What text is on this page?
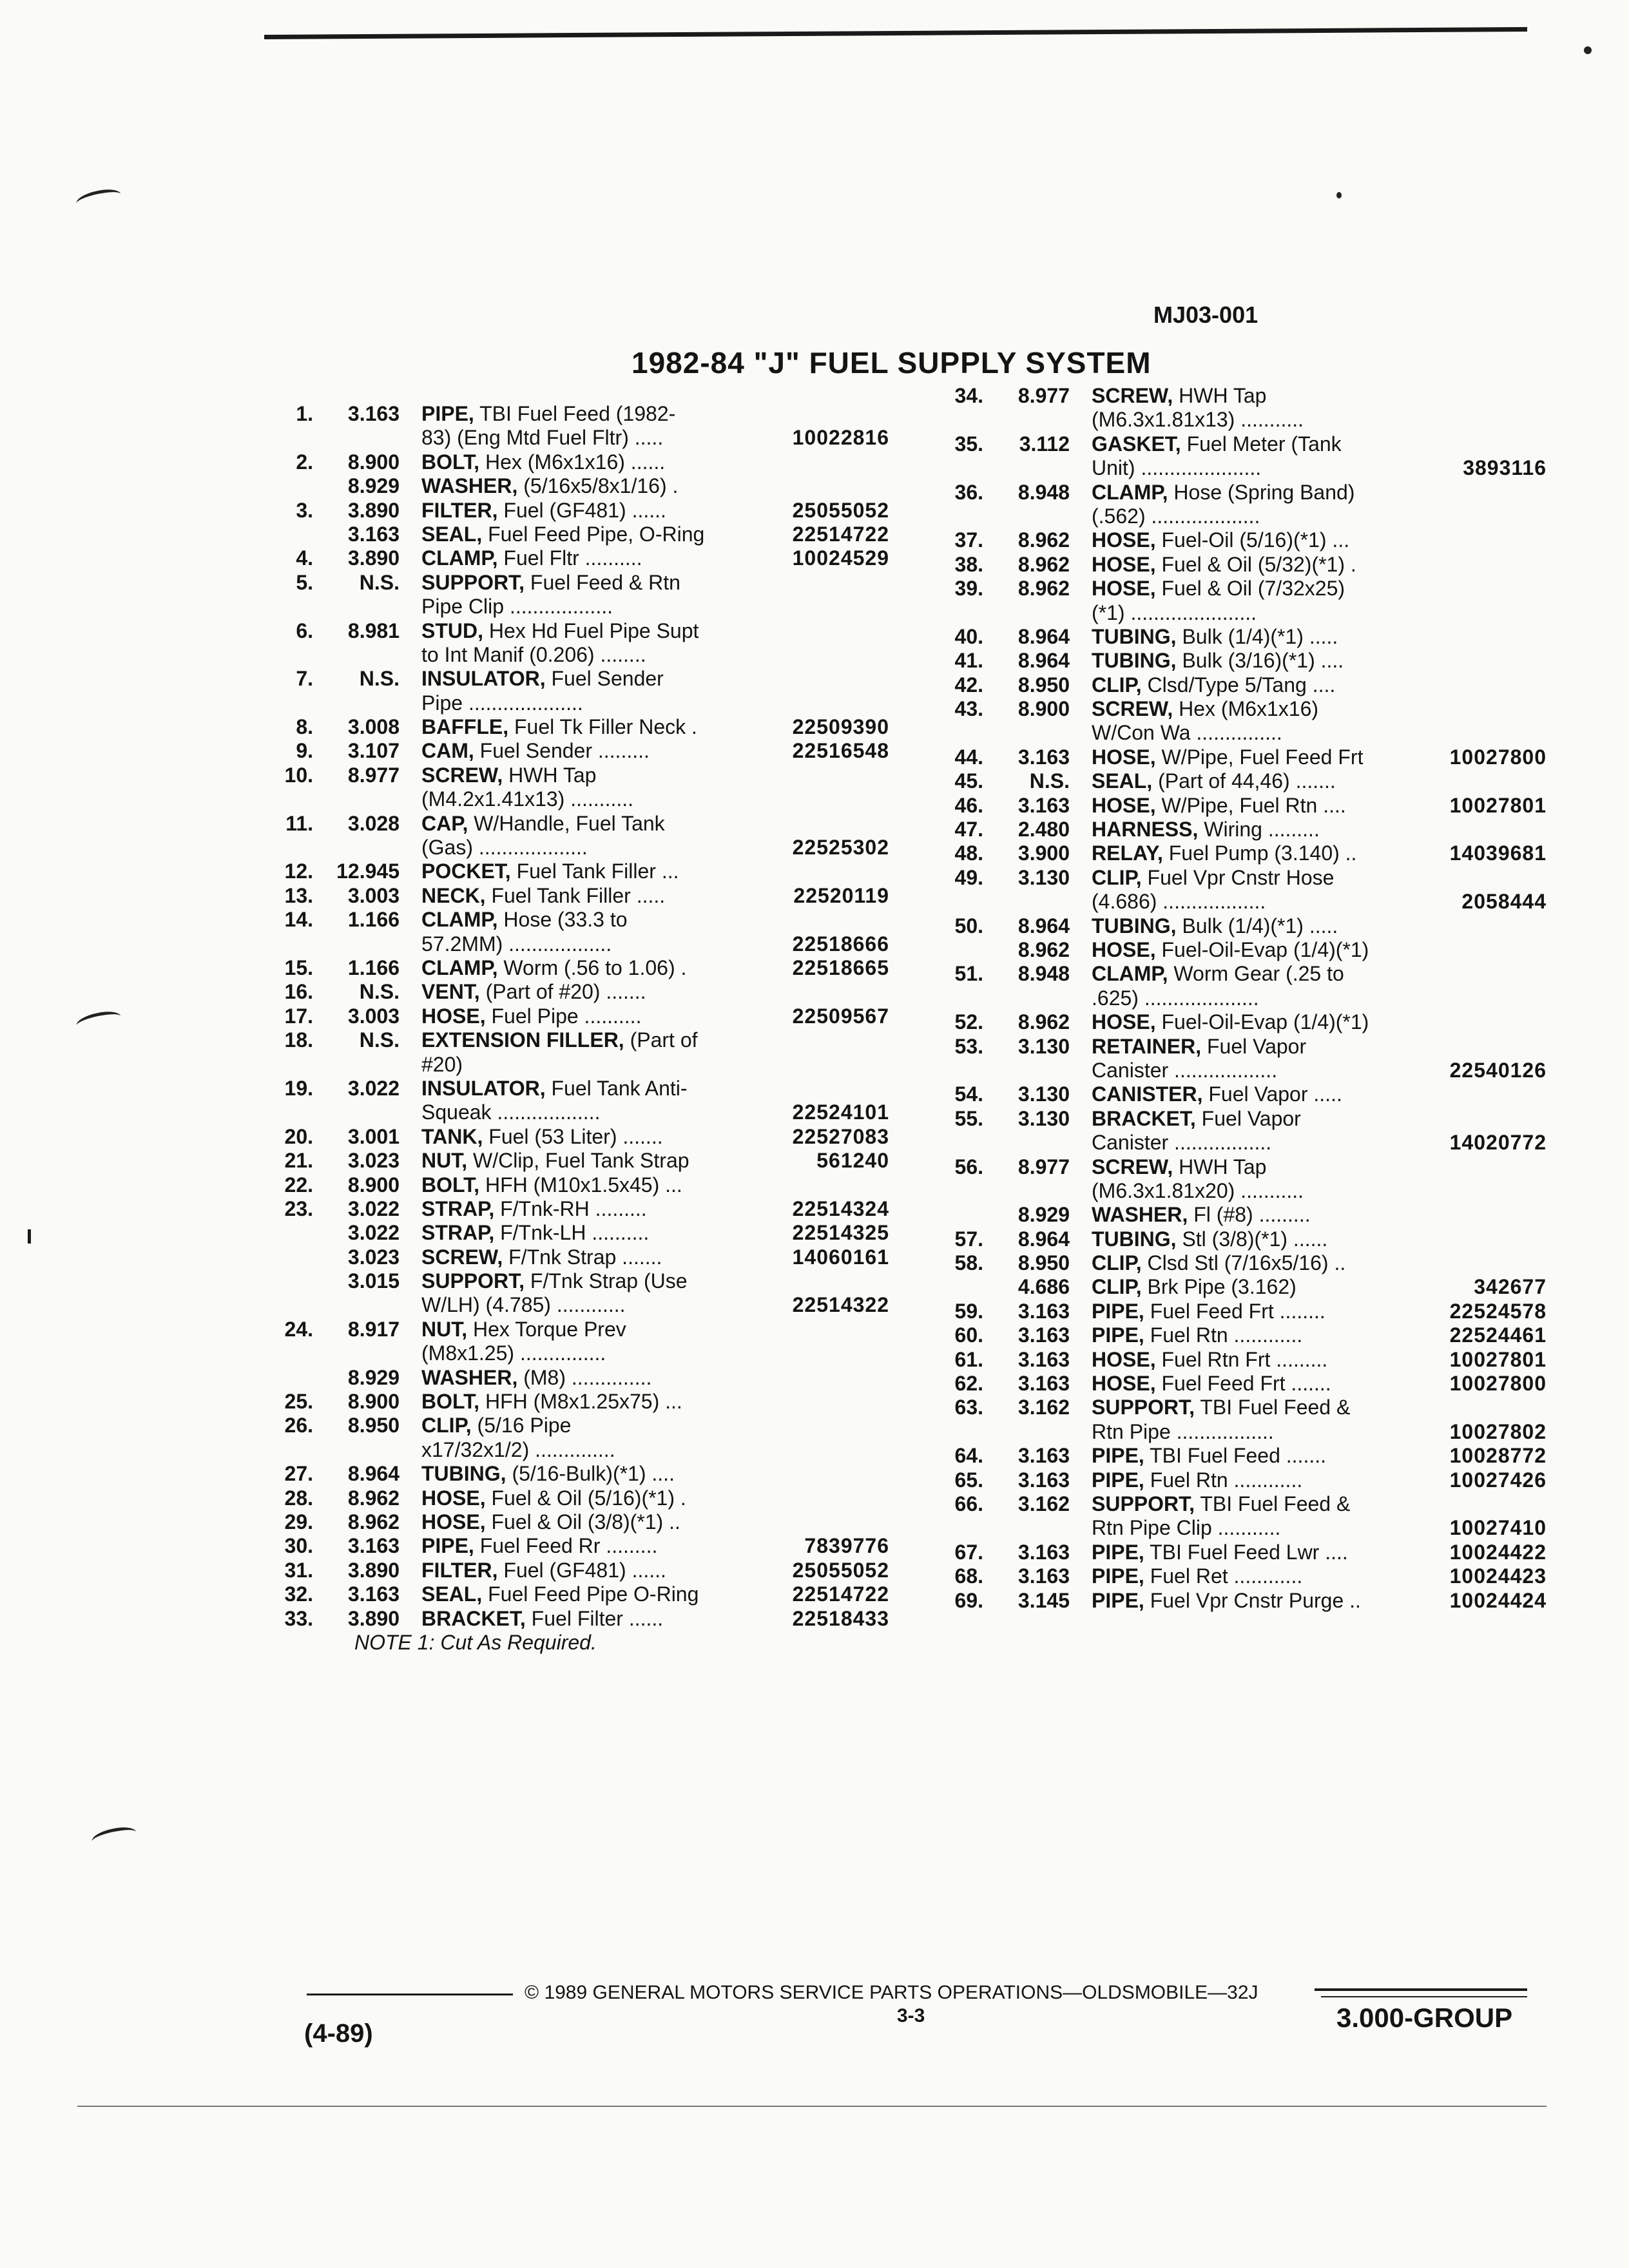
MJ03-001
1982-84 "J" FUEL SUPPLY SYSTEM
1.	3.163 PIPE, TBI Fuel Feed (1982-
83) (Eng Mtd Fuel Fltr) .....	10022816
2.	8.900 BOLT, Hex (M6x1x16) ......
8.929 WASHER, (5/16x5/8x1/16) .
3.	3.890 FILTER, Fuel (GF481) ......	25055052
3.163 SEAL, Fuel Feed Pipe, O-Ring	22514722
4.	3.890 CLAMP, Fuel Fltr ..........	10024529
5.	N.S. SUPPORT, Fuel Feed & Rtn
Pipe Clip ..................
6.	8.981 STUD, Hex Hd Fuel Pipe Supt
to Int Manif (0.206) ........
7.	N.S. INSULATOR, Fuel Sender
Pipe ....................
8.	3.008 BAFFLE, Fuel Tk Filler Neck .	22509390
9.	3.107 CAM, Fuel Sender .........	22516548
10.	8.977 SCREW, HWH Tap
(M4.2x1.41x13) ...........
11.	3.028 CAP, W/Handle, Fuel Tank
(Gas) ...................	22525302
12.	12.945 POCKET, Fuel Tank Filler ...
13.	3.003 NECK, Fuel Tank Filler .....	22520119
14.	1.166 CLAMP, Hose (33.3 to
57.2MM) ..................	22518666
15.	1.166 CLAMP, Worm (.56 to 1.06) .	22518665
16.	N.S. VENT, (Part of #20) .......
17.	3.003 HOSE, Fuel Pipe ..........	22509567
18.	N.S. EXTENSION FILLER, (Part of
#20)
19.	3.022 INSULATOR, Fuel Tank Anti-
Squeak ..................	22524101
20.	3.001 TANK, Fuel (53 Liter) .......	22527083
21.	3.023 NUT, W/Clip, Fuel Tank Strap	561240
22.	8.900 BOLT, HFH (M10x1.5x45) ...
23.	3.022 STRAP, F/Tnk-RH .........	22514324
3.022 STRAP, F/Tnk-LH ..........	22514325
3.023 SCREW, F/Tnk Strap .......	14060161
3.015 SUPPORT, F/Tnk Strap (Use
W/LH) (4.785) ............	22514322
24.	8.917 NUT, Hex Torque Prev
(M8x1.25) ...............
8.929 WASHER, (M8) ..............
25.	8.900 BOLT, HFH (M8x1.25x75) ...
26.	8.950 CLIP, (5/16 Pipe
x17/32x1/2) ..............
27.	8.964 TUBING, (5/16-Bulk)(*1) ....
28.	8.962 HOSE, Fuel & Oil (5/16)(*1) .
29.	8.962 HOSE, Fuel & Oil (3/8)(*1) ..
30.	3.163 PIPE, Fuel Feed Rr .........	7839776
31.	3.890 FILTER, Fuel (GF481) ......	25055052
32.	3.163 SEAL, Fuel Feed Pipe O-Ring	22514722
33.	3.890 BRACKET, Fuel Filter ......	22518433
NOTE 1: Cut As Required.
34.	8.977 SCREW, HWH Tap
(M6.3x1.81x13) ...........
35.	3.112 GASKET, Fuel Meter (Tank
Unit) .....................	3893116
36.	8.948 CLAMP, Hose (Spring Band)
(.562) ...................
37.	8.962 HOSE, Fuel-Oil (5/16)(*1) ...
38.	8.962 HOSE, Fuel & Oil (5/32)(*1) .
39.	8.962 HOSE, Fuel & Oil (7/32x25)
(*1) ......................
40.	8.964 TUBING, Bulk (1/4)(*1) .....
41.	8.964 TUBING, Bulk (3/16)(*1) ....
42.	8.950 CLIP, Clsd/Type 5/Tang ....
43.	8.900 SCREW, Hex (M6x1x16)
W/Con Wa ...............
44.	3.163 HOSE, W/Pipe, Fuel Feed Frt	10027800
45.	N.S. SEAL, (Part of 44,46) .......
46.	3.163 HOSE, W/Pipe, Fuel Rtn ....	10027801
47.	2.480 HARNESS, Wiring .........
48.	3.900 RELAY, Fuel Pump (3.140) ..	14039681
49.	3.130 CLIP, Fuel Vpr Cnstr Hose
(4.686) ..................	2058444
50.	8.964 TUBING, Bulk (1/4)(*1) .....
8.962 HOSE, Fuel-Oil-Evap (1/4)(*1)
51.	8.948 CLAMP, Worm Gear (.25 to
.625) ....................
52.	8.962 HOSE, Fuel-Oil-Evap (1/4)(*1)
53.	3.130 RETAINER, Fuel Vapor
Canister ..................	22540126
54.	3.130 CANISTER, Fuel Vapor .....
55.	3.130 BRACKET, Fuel Vapor
Canister .................	14020772
56.	8.977 SCREW, HWH Tap
(M6.3x1.81x20) ...........
8.929 WASHER, Fl (#8) .........
57.	8.964 TUBING, Stl (3/8)(*1) ......
58.	8.950 CLIP, Clsd Stl (7/16x5/16) ..
4.686 CLIP, Brk Pipe (3.162)	342677
59.	3.163 PIPE, Fuel Feed Frt ........	22524578
60.	3.163 PIPE, Fuel Rtn ............	22524461
61.	3.163 HOSE, Fuel Rtn Frt .........	10027801
62.	3.163 HOSE, Fuel Feed Frt .......	10027800
63.	3.162 SUPPORT, TBI Fuel Feed &
Rtn Pipe .................	10027802
64.	3.163 PIPE, TBI Fuel Feed .......	10028772
65.	3.163 PIPE, Fuel Rtn ............	10027426
66.	3.162 SUPPORT, TBI Fuel Feed &
Rtn Pipe Clip ...........	10027410
67.	3.163 PIPE, TBI Fuel Feed Lwr ....	10024422
68.	3.163 PIPE, Fuel Ret ............	10024423
69.	3.145 PIPE, Fuel Vpr Cnstr Purge ..	10024424
© 1989 GENERAL MOTORS SERVICE PARTS OPERATIONS—OLDSMOBILE—32J
(4-89)
3-3	3.000-GROUP
